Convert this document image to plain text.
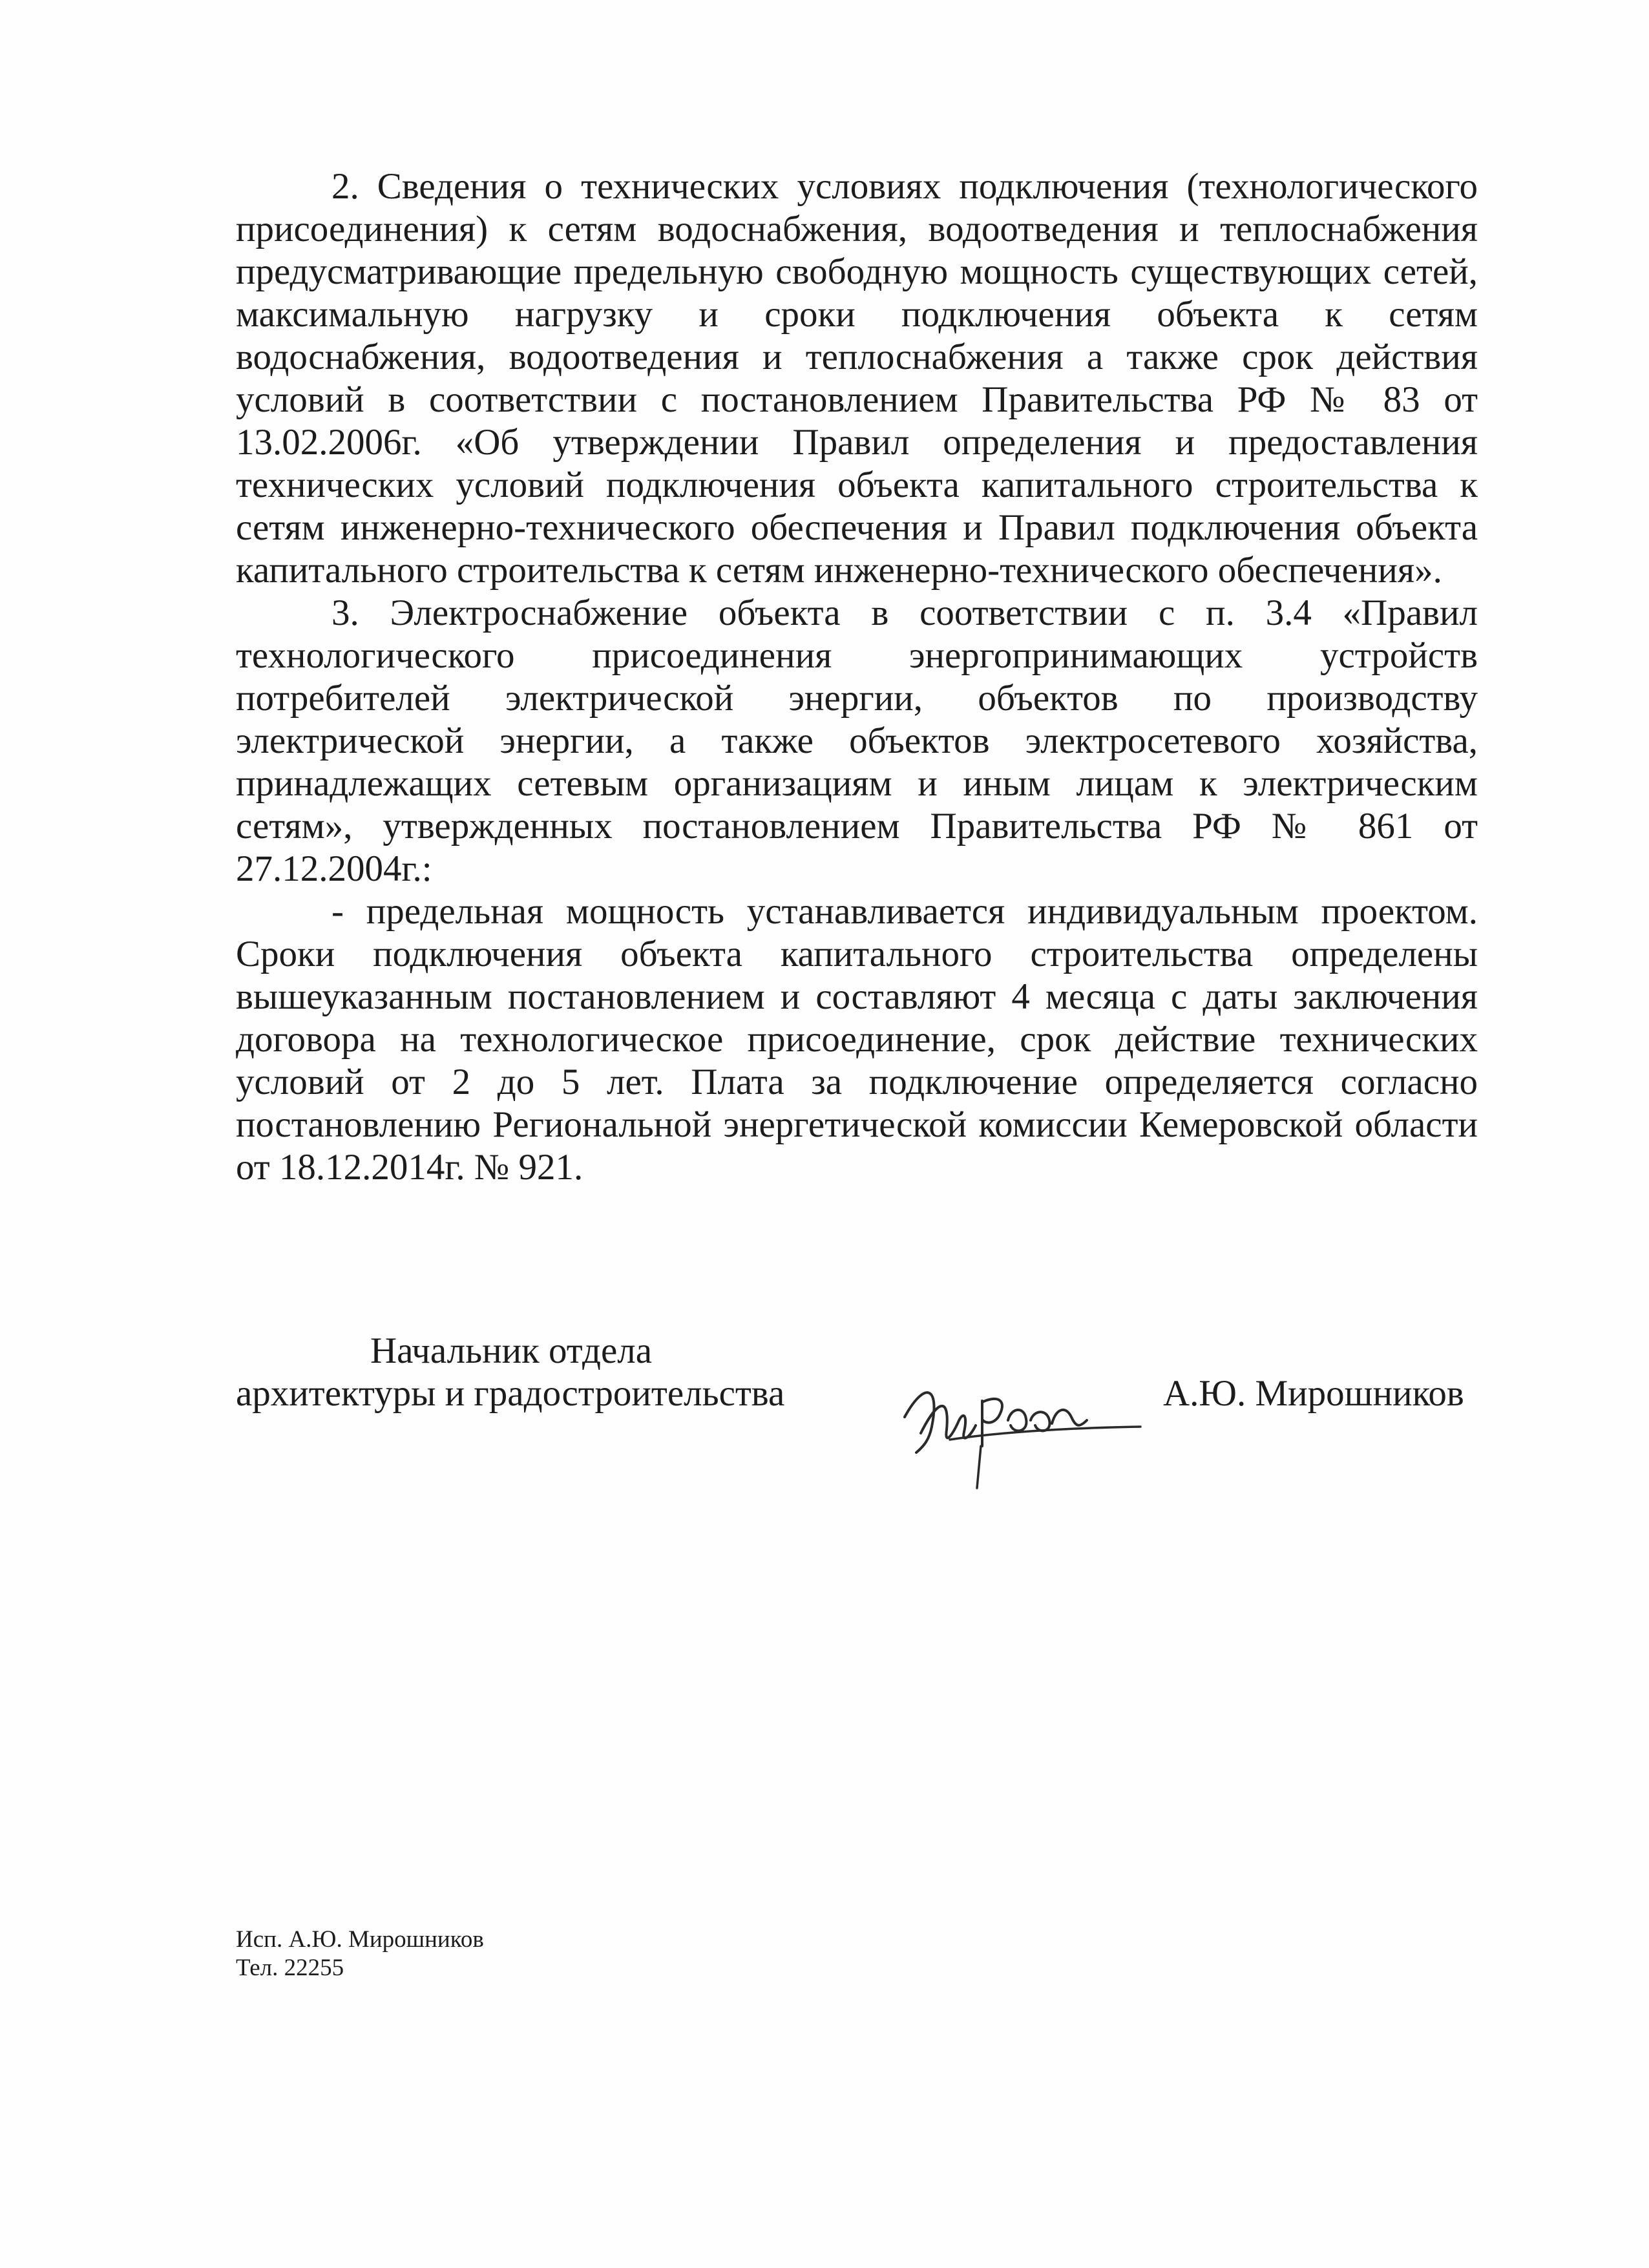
2. Сведения о технических условиях подключения (технологического присоединения) к сетям водоснабжения, водоотведения и теплоснабжения предусматривающие предельную свободную мощность существующих сетей, максимальную нагрузку и сроки подключения объекта к сетям водоснабжения, водоотведения и теплоснабжения а также срок действия условий в соответствии с постановлением Правительства РФ № 83 от 13.02.2006г. «Об утверждении Правил определения и предоставления технических условий подключения объекта капитального строительства к сетям инженерно-технического обеспечения и Правил подключения объекта капитального строительства к сетям инженерно-технического обеспечения».

3. Электроснабжение объекта в соответствии с п. 3.4 «Правил технологического присоединения энергопринимающих устройств потребителей электрической энергии, объектов по производству электрической энергии, а также объектов электросетевого хозяйства, принадлежащих сетевым организациям и иным лицам к электрическим сетям», утвержденных постановлением Правительства РФ № 861 от 27.12.2004г.:

- предельная мощность устанавливается индивидуальным проектом. Сроки подключения объекта капитального строительства определены вышеуказанным постановлением и составляют 4 месяца с даты заключения договора на технологическое присоединение, срок действие технических условий от 2 до 5 лет. Плата за подключение определяется согласно постановлению Региональной энергетической комиссии Кемеровской области от 18.12.2014г. № 921.

Начальник отдела
архитектуры и градостроительства	А.Ю. Мирошников
Исп. А.Ю. Мирошников
Тел. 22255
